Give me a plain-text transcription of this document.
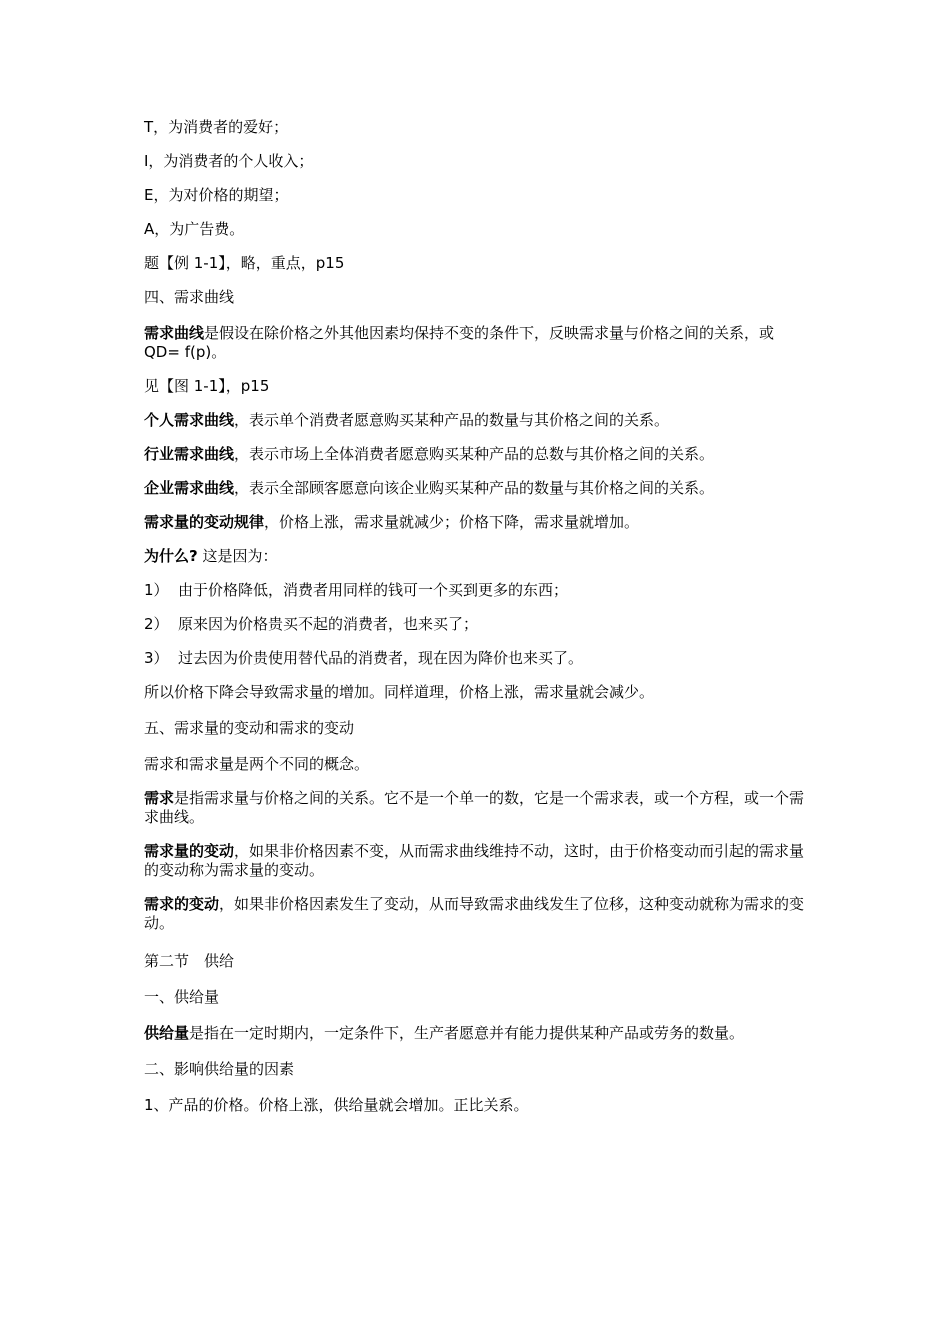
T，为消费者的爱好；

I，为消费者的个人收入；

E，为对价格的期望；

A，为广告费。

题【例 1-1】，略，重点，p15

四、需求曲线

需求曲线是假设在除价格之外其他因素均保持不变的条件下，反映需求量与价格之间的关系，或 QD= f(p)。

见【图 1-1】，p15

个人需求曲线，表示单个消费者愿意购买某种产品的数量与其价格之间的关系。

行业需求曲线，表示市场上全体消费者愿意购买某种产品的总数与其价格之间的关系。

企业需求曲线，表示全部顾客愿意向该企业购买某种产品的数量与其价格之间的关系。

需求量的变动规律，价格上涨，需求量就减少；价格下降，需求量就增加。

为什么? 这是因为：

1） 由于价格降低，消费者用同样的钱可一个买到更多的东西；

2） 原来因为价格贵买不起的消费者，也来买了；

3） 过去因为价贵使用替代品的消费者，现在因为降价也来买了。

所以价格下降会导致需求量的增加。同样道理，价格上涨，需求量就会减少。

五、需求量的变动和需求的变动

需求和需求量是两个不同的概念。

需求是指需求量与价格之间的关系。它不是一个单一的数，它是一个需求表，或一个方程，或一个需求曲线。

需求量的变动，如果非价格因素不变，从而需求曲线维持不动，这时，由于价格变动而引起的需求量的变动称为需求量的变动。

需求的变动，如果非价格因素发生了变动，从而导致需求曲线发生了位移，这种变动就称为需求的变动。

第二节　供给

一、供给量

供给量是指在一定时期内，一定条件下，生产者愿意并有能力提供某种产品或劳务的数量。

二、影响供给量的因素

1、产品的价格。价格上涨，供给量就会增加。正比关系。
